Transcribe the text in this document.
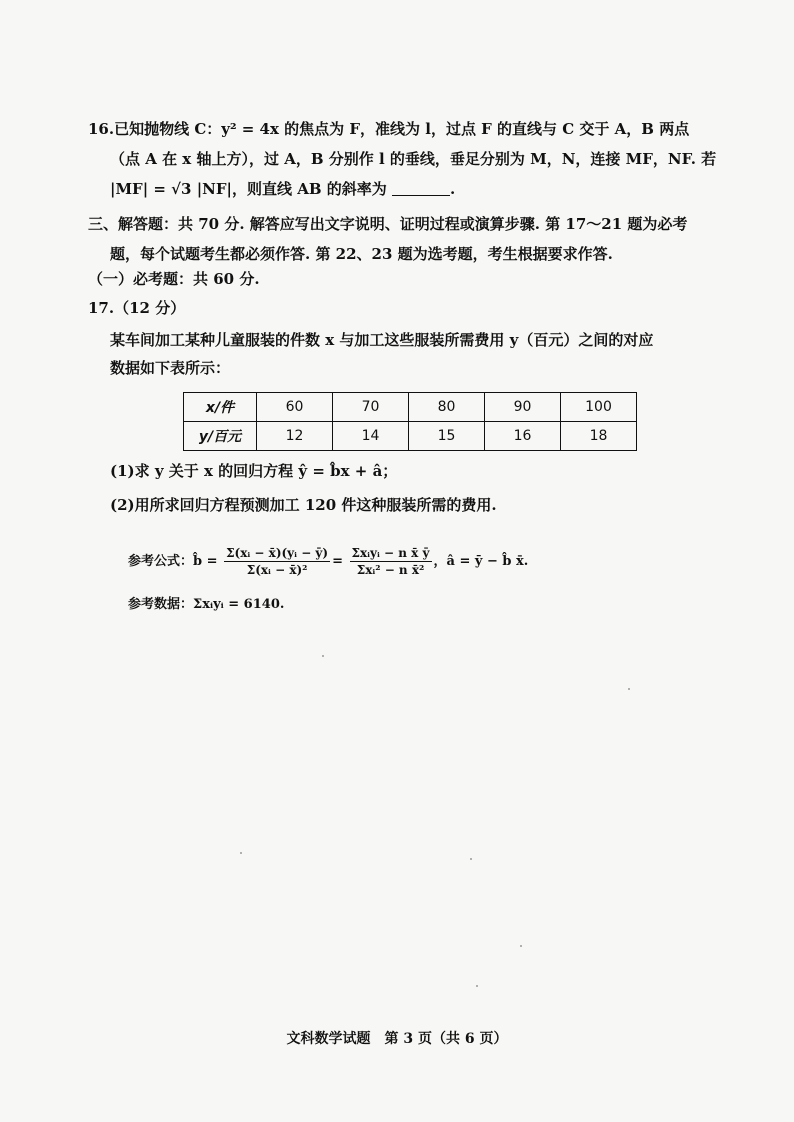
16.已知抛物线 C：y² = 4x 的焦点为 F，准线为 l，过点 F 的直线与 C 交于 A，B 两点
（点 A 在 x 轴上方），过 A，B 分别作 l 的垂线，垂足分别为 M，N，连接 MF，NF. 若
|MF| = √3 |NF|，则直线 AB 的斜率为	.
三、解答题：共 70 分. 解答应写出文字说明、证明过程或演算步骤. 第 17～21 题为必考
题，每个试题考生都必须作答. 第 22、23 题为选考题，考生根据要求作答.
（一）必考题：共 60 分.
17.（12 分）
某车间加工某种儿童服装的件数 x 与加工这些服装所需费用 y（百元）之间的对应
数据如下表所示：
x/件	60	70	80	90	100
y/百元	12	14	15	16	18
(1)求 y 关于 x 的回归方程 ŷ = b̂x + â；
(2)用所求回归方程预测加工 120 件这种服装所需的费用.
参考公式：b̂ = $\frac{\text{Σ(xᵢ − x̄)(yᵢ − ȳ)}}{\text{Σ(xᵢ − x̄)²}} = \frac{\text{Σxᵢyᵢ − n x̄ ȳ}}{\text{Σxᵢ² − n x̄²}}$ ，â = ȳ − b̂ x̄.
参考数据：Σxᵢyᵢ = 6140.
文科数学试题　第 3 页（共 6 页）
